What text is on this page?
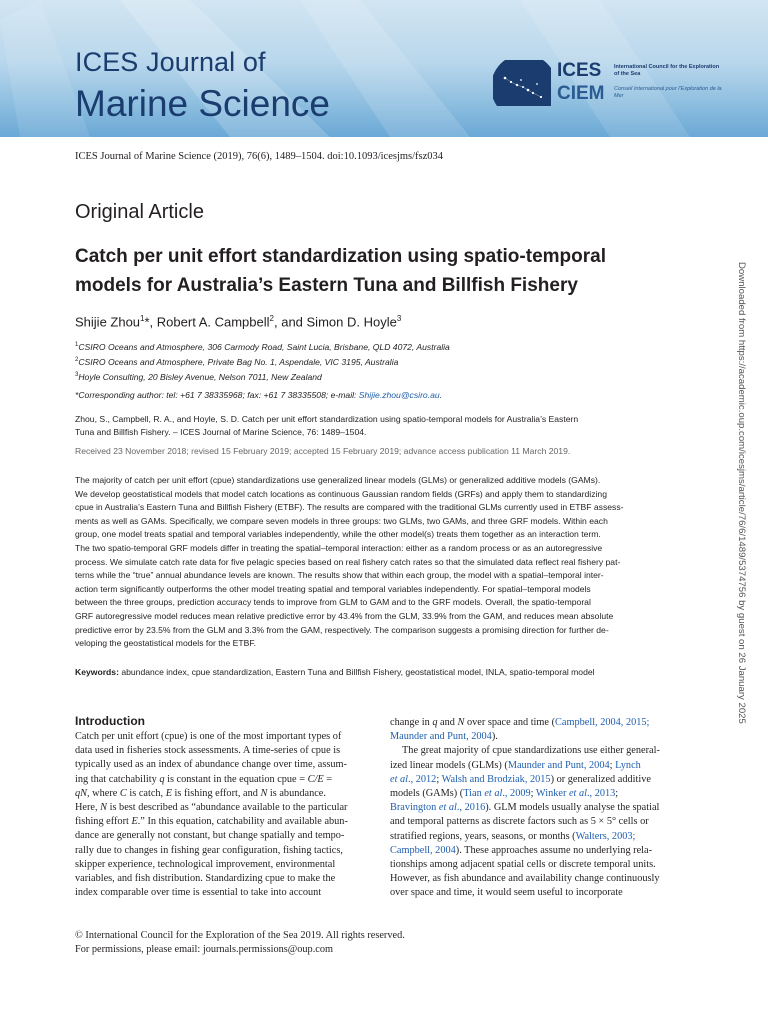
ICES Journal of
Marine Science
ICES
CIEM
International Council for the Exploration of the Sea
Conseil International pour l’Exploration de la Mer
ICES Journal of Marine Science (2019), 76(6), 1489–1504. doi:10.1093/icesjms/fsz034
Original Article
Catch per unit effort standardization using spatio-temporal
models for Australia’s Eastern Tuna and Billfish Fishery
Shijie Zhou$^1$*, Robert A. Campbell$^2$, and Simon D. Hoyle$^3$
$^1$CSIRO Oceans and Atmosphere, 306 Carmody Road, Saint Lucia, Brisbane, QLD 4072, Australia
$^2$CSIRO Oceans and Atmosphere, Private Bag No. 1, Aspendale, VIC 3195, Australia
$^3$Hoyle Consulting, 20 Bisley Avenue, Nelson 7011, New Zealand
*Corresponding author: tel: +61 7 38335968; fax: +61 7 38335508; e-mail: Shijie.zhou@csiro.au.
Zhou, S., Campbell, R. A., and Hoyle, S. D. Catch per unit effort standardization using spatio-temporal models for Australia’s Eastern
Tuna and Billfish Fishery. – ICES Journal of Marine Science, 76: 1489–1504.
Received 23 November 2018; revised 15 February 2019; accepted 15 February 2019; advance access publication 11 March 2019.
The majority of catch per unit effort (cpue) standardizations use generalized linear models (GLMs) or generalized additive models (GAMs).
We develop geostatistical models that model catch locations as continuous Gaussian random fields (GRFs) and apply them to standardizing
cpue in Australia’s Eastern Tuna and Billfish Fishery (ETBF). The results are compared with the traditional GLMs currently used in ETBF assess-
ments as well as GAMs. Specifically, we compare seven models in three groups: two GLMs, two GAMs, and three GRF models. Within each
group, one model treats spatial and temporal variables independently, while the other model(s) treats them together as an interaction term.
The two spatio-temporal GRF models differ in treating the spatial–temporal interaction: either as a random process or as an autoregressive
process. We simulate catch rate data for five pelagic species based on real fishery catch rates so that the simulated data reflect real fishery pat-
terns while the “true” annual abundance levels are known. The results show that within each group, the model with a spatial–temporal inter-
action term significantly outperforms the other model treating spatial and temporal variables independently. For spatial–temporal models
between the three groups, prediction accuracy tends to improve from GLM to GAM and to the GRF models. Overall, the spatio-temporal
GRF autoregressive model reduces mean relative predictive error by 43.4% from the GLM, 33.9% from the GAM, and reduces mean absolute
predictive error by 23.5% from the GLM and 3.3% from the GAM, respectively. The comparison suggests a promising direction for further de-
veloping the geostatistical models for the ETBF.
Keywords: abundance index, cpue standardization, Eastern Tuna and Billfish Fishery, geostatistical model, INLA, spatio-temporal model
Introduction
Catch per unit effort (cpue) is one of the most important types of
data used in fisheries stock assessments. A time-series of cpue is
typically used as an index of abundance change over time, assum-
ing that catchability q is constant in the equation cpue = C/E =
qN, where C is catch, E is fishing effort, and N is abundance.
Here, N is best described as “abundance available to the particular
fishing effort E.” In this equation, catchability and available abun-
dance are generally not constant, but change spatially and tempo-
rally due to changes in fishing gear configuration, fishing tactics,
skipper experience, technological improvement, environmental
variables, and fish distribution. Standardizing cpue to make the
index comparable over time is essential to take into account
change in q and N over space and time (Campbell, 2004, 2015;
Maunder and Punt, 2004).
The great majority of cpue standardizations use either general-
ized linear models (GLMs) (Maunder and Punt, 2004; Lynch
et al., 2012; Walsh and Brodziak, 2015) or generalized additive
models (GAMs) (Tian et al., 2009; Winker et al., 2013;
Bravington et al., 2016). GLM models usually analyse the spatial
and temporal patterns as discrete factors such as 5 × 5° cells or
stratified regions, years, seasons, or months (Walters, 2003;
Campbell, 2004). These approaches assume no underlying rela-
tionships among adjacent spatial cells or discrete temporal units.
However, as fish abundance and availability change continuously
over space and time, it would seem useful to incorporate
© International Council for the Exploration of the Sea 2019. All rights reserved.
For permissions, please email: journals.permissions@oup.com
Downloaded from https://academic.oup.com/icesjms/article/76/6/1489/5374756 by guest on 26 January 2025
